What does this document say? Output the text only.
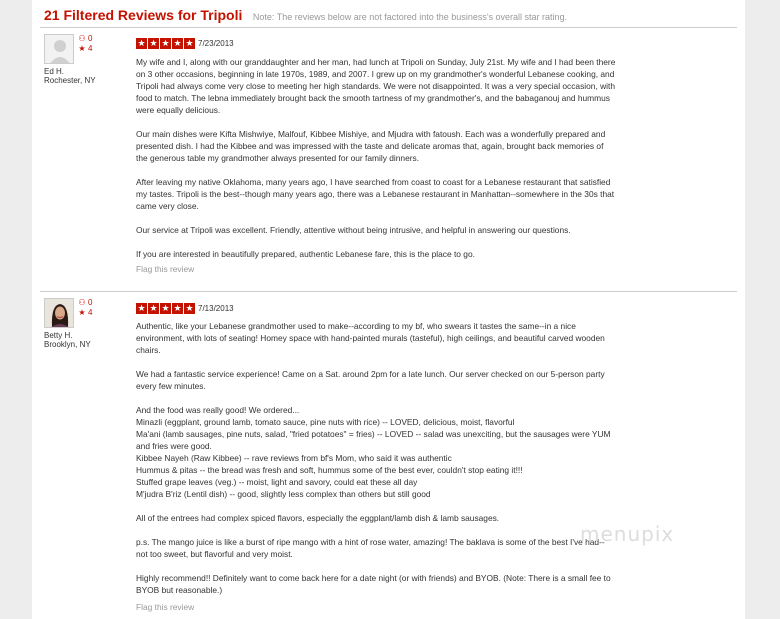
21 Filtered Reviews for Tripoli Note: The reviews below are not factored into the business's overall star rating.
⚇ 0
★ 4
Ed H.
Rochester, NY
★ ★ ★ ★ ★ 7/23/2013

My wife and I, along with our granddaughter and her man, had lunch at Tripoli on Sunday, July 21st. My wife and I had been there on 3 other occasions, beginning in late 1970s, 1989, and 2007. I grew up on my grandmother's wonderful Lebanese cooking, and Tripoli had always come very close to meeting her high standards. We were not disappointed. It was a very special occasion, with food to match. The lebna immediately brought back the smooth tartness of my grandmother's, and the babaganouj and hummus were equally delicious.

Our main dishes were Kifta Mishwiye, Malfouf, Kibbee Mishiye, and Mjudra with fatoush. Each was a wonderfully prepared and presented dish. I had the Kibbee and was impressed with the taste and delicate aromas that, again, brought back memories of the generous table my grandmother always presented for our family dinners.

After leaving my native Oklahoma, many years ago, I have searched from coast to coast for a Lebanese restaurant that satisfied my tastes. Tripoli is the best--though many years ago, there was a Lebanese restaurant in Manhattan--somewhere in the 30s that came very close.

Our service at Tripoli was excellent. Friendly, attentive without being intrusive, and helpful in answering our questions.

If you are interested in beautifully prepared, authentic Lebanese fare, this is the place to go.

Flag this review
⚇ 0
★ 4
Betty H.
Brooklyn, NY
★ ★ ★ ★ ★ 7/13/2013

Authentic, like your Lebanese grandmother used to make--according to my bf, who swears it tastes the same--in a nice environment, with lots of seating! Homey space with hand-painted murals (tasteful), high ceilings, and beautiful carved wooden chairs.

We had a fantastic service experience! Came on a Sat. around 2pm for a late lunch. Our server checked on our 5-person party every few minutes.

And the food was really good! We ordered...
Minazli (eggplant, ground lamb, tomato sauce, pine nuts with rice) -- LOVED, delicious, moist, flavorful
Ma'ani (lamb sausages, pine nuts, salad, "fried potatoes" = fries) -- LOVED -- salad was unexciting, but the sausages were YUM and fries were good.
Kibbee Nayeh (Raw Kibbee) -- rave reviews from bf's Mom, who said it was authentic
Hummus & pitas -- the bread was fresh and soft, hummus some of the best ever, couldn't stop eating it!!!
Stuffed grape leaves (veg.) -- moist, light and savory, could eat these all day
M'judra B'riz (Lentil dish) -- good, slightly less complex than others but still good

All of the entrees had complex spiced flavors, especially the eggplant/lamb dish & lamb sausages.

p.s. The mango juice is like a burst of ripe mango with a hint of rose water, amazing! The baklava is some of the best I've had--not too sweet, but flavorful and very moist.

Highly recommend!! Definitely want to come back here for a date night (or with friends) and BYOB. (Note: There is a small fee to BYOB but reasonable.)

Flag this review
menupix
